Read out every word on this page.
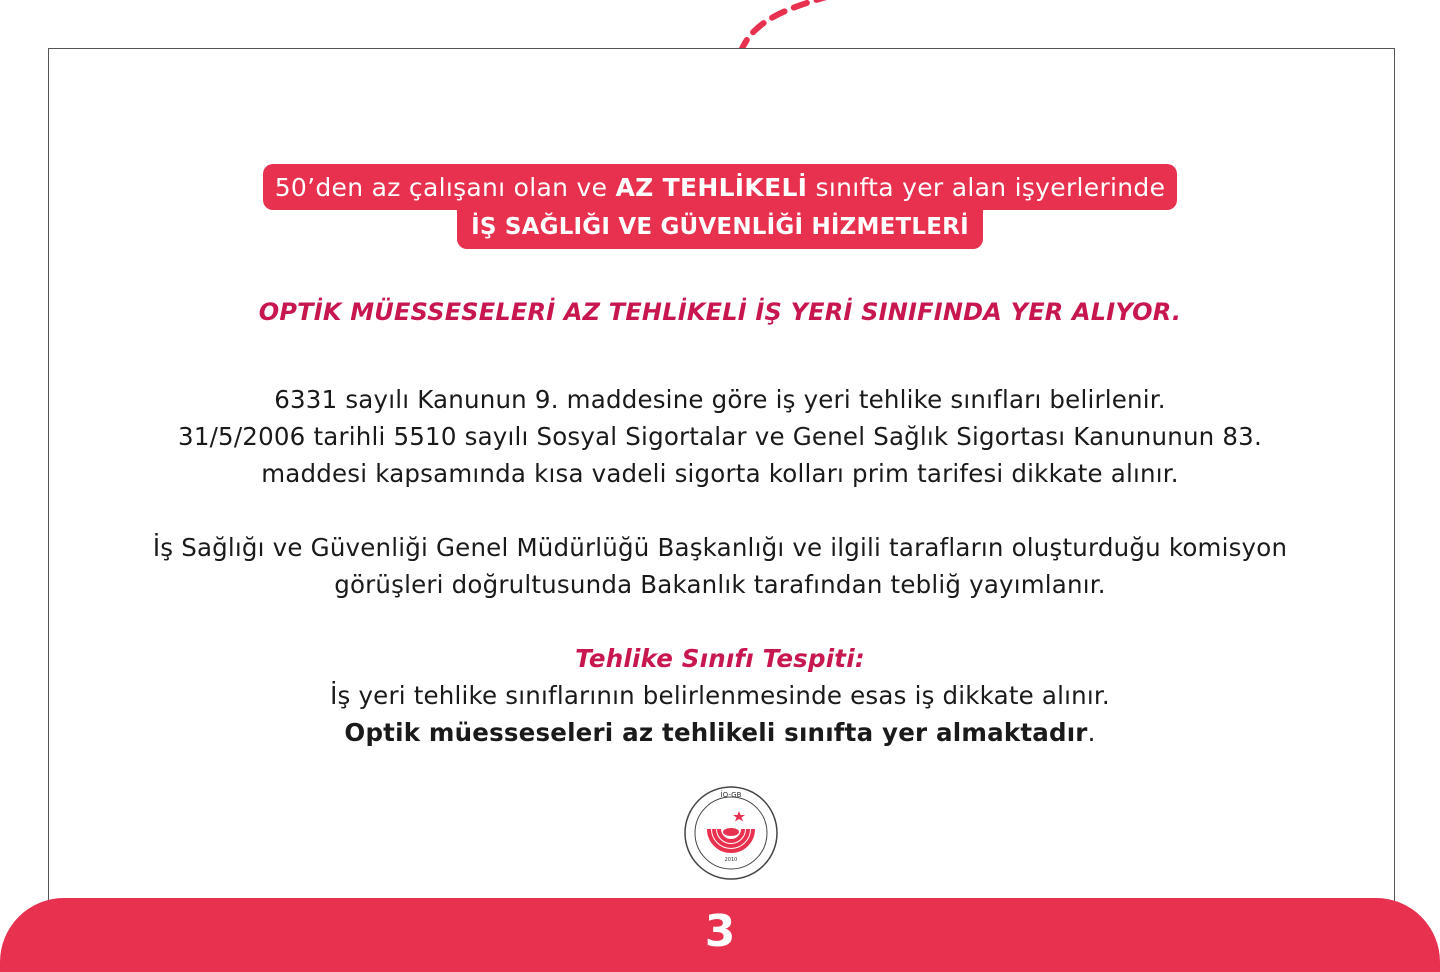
50’den az çalışanı olan ve AZ TEHLİKELİ sınıfta yer alan işyerlerinde
İŞ SAĞLIĞI VE GÜVENLİĞİ HİZMETLERİ
OPTİK MÜESSESELERİ AZ TEHLİKELİ İŞ YERİ SINIFINDA YER ALIYOR.
6331 sayılı Kanunun 9. maddesine göre iş yeri tehlike sınıfları belirlenir.
31/5/2006 tarihli 5510 sayılı Sosyal Sigortalar ve Genel Sağlık Sigortası Kanununun 83.
maddesi kapsamında kısa vadeli sigorta kolları prim tarifesi dikkate alınır.
İş Sağlığı ve Güvenliği Genel Müdürlüğü Başkanlığı ve ilgili tarafların oluşturduğu komisyon
görüşleri doğrultusunda Bakanlık tarafından tebliğ yayımlanır.
Tehlike Sınıfı Tespiti:
İş yeri tehlike sınıflarının belirlenmesinde esas iş dikkate alınır.
Optik müesseseleri az tehlikeli sınıfta yer almaktadır.
İO-GB
2010
3
